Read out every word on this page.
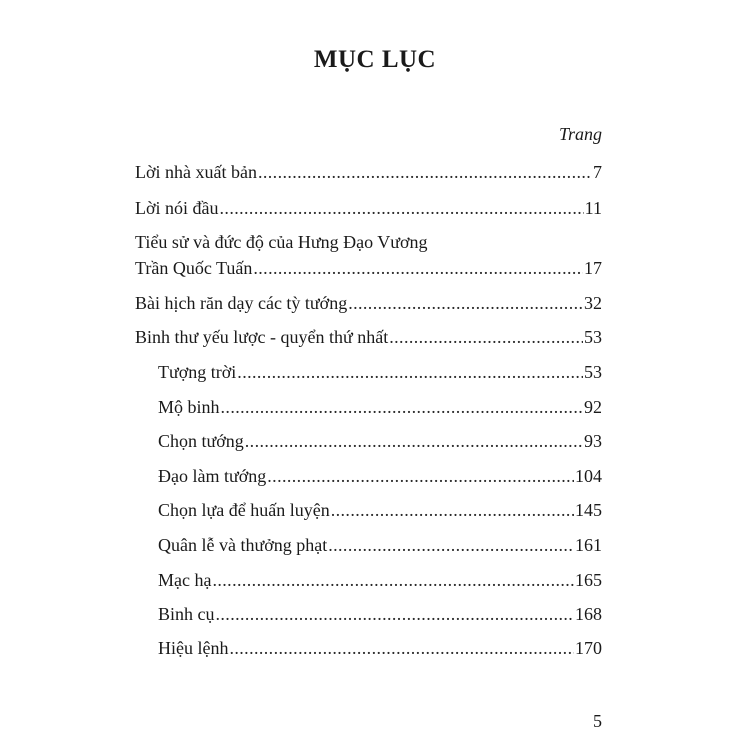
MỤC LỤC
Trang
Lời nhà xuất bản .....	7
Lời nói đầu .....	11
Tiểu sử và đức độ của Hưng Đạo Vương
Trần Quốc Tuấn .....	17
Bài hịch răn dạy các tỳ tướng .....	32
Binh thư yếu lược - quyển thứ nhất .....	53
Tượng trời .....	53
Mộ binh .....	92
Chọn tướng .....	93
Đạo làm tướng .....	104
Chọn lựa để huấn luyện .....	145
Quân lễ và thưởng phạt .....	161
Mạc hạ .....	165
Binh cụ .....	168
Hiệu lệnh .....	170
5
